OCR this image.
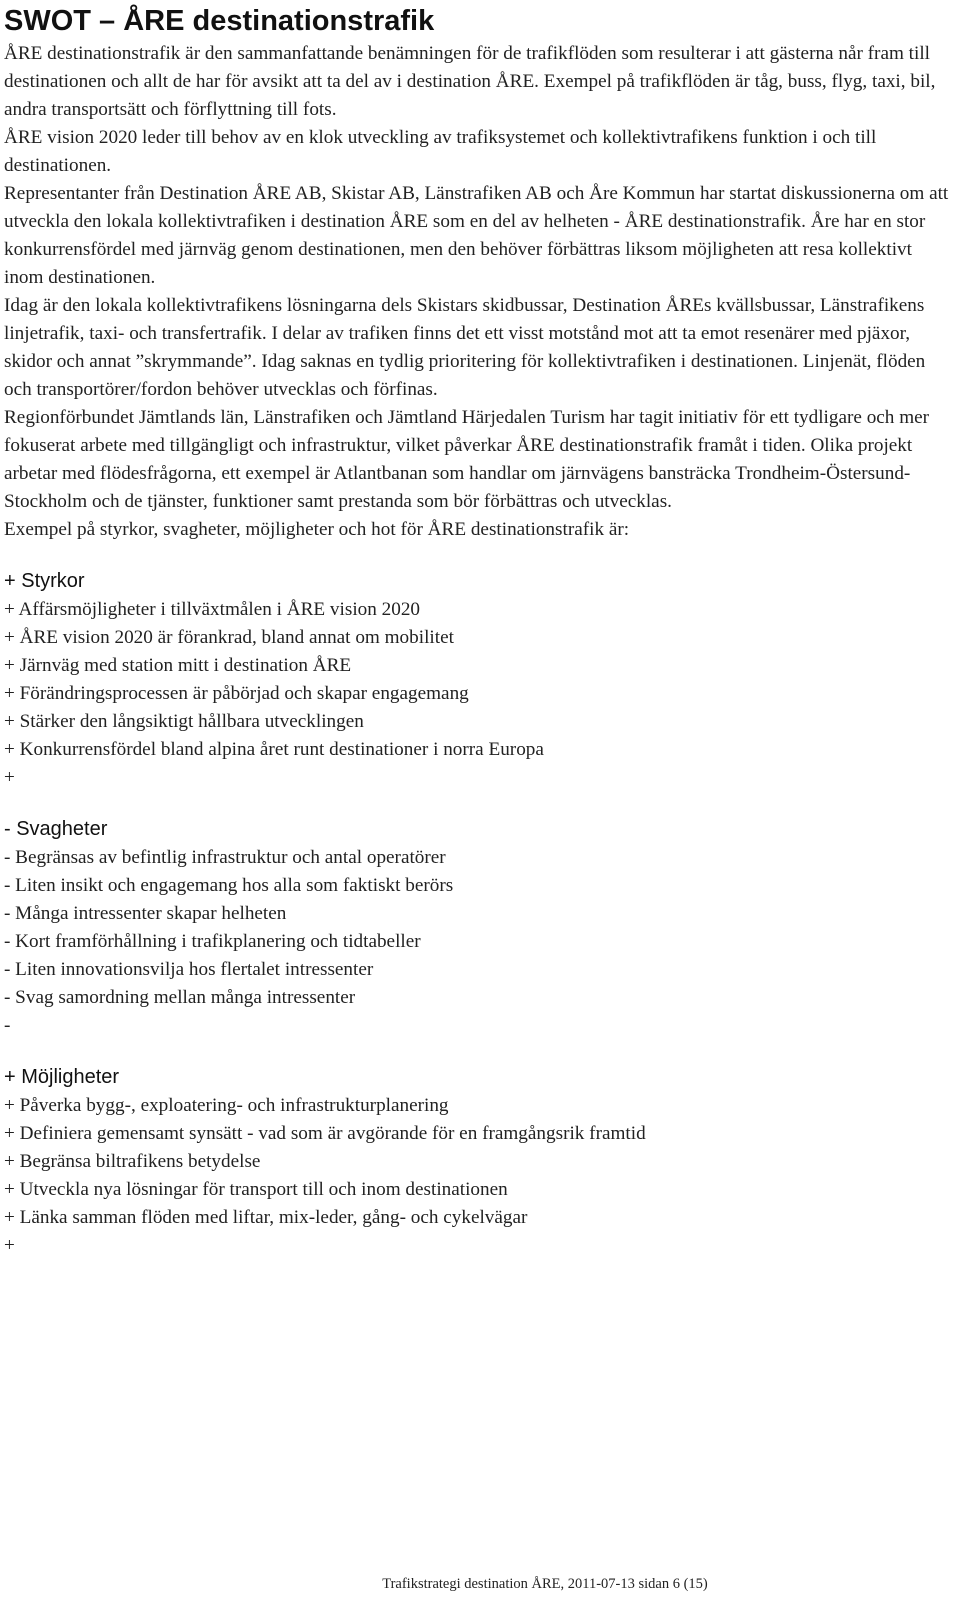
SWOT – ÅRE destinationstrafik

ÅRE destinationstrafik är den sammanfattande benämningen för de trafikflöden som resulterar i att gästerna når fram till destinationen och allt de har för avsikt att ta del av i destination ÅRE. Exempel på trafikflöden är tåg, buss, flyg, taxi, bil, andra transportsätt och förflyttning till fots.

ÅRE vision 2020 leder till behov av en klok utveckling av trafiksystemet och kollektivtrafikens funktion i och till destinationen.

Representanter från Destination ÅRE AB, Skistar AB, Länstrafiken AB och Åre Kommun har startat diskussionerna om att utveckla den lokala kollektivtrafiken i destination ÅRE som en del av helheten - ÅRE destinationstrafik. Åre har en stor konkurrensfördel med järnväg genom destinationen, men den behöver förbättras liksom möjligheten att resa kollektivt inom destinationen.

Idag är den lokala kollektivtrafikens lösningarna dels Skistars skidbussar, Destination ÅREs kvällsbussar, Länstrafikens linjetrafik, taxi- och transfertrafik. I delar av trafiken finns det ett visst motstånd mot att ta emot resenärer med pjäxor, skidor och annat ”skrymmande”. Idag saknas en tydlig prioritering för kollektivtrafiken i destinationen. Linjenät, flöden och transportörer/fordon behöver utvecklas och förfinas.

Regionförbundet Jämtlands län, Länstrafiken och Jämtland Härjedalen Turism har tagit initiativ för ett tydligare och mer fokuserat arbete med tillgängligt och infrastruktur, vilket påverkar ÅRE destinationstrafik framåt i tiden. Olika projekt arbetar med flödesfrågorna, ett exempel är Atlantbanan som handlar om järnvägens bansträcka Trondheim-Östersund-Stockholm och de tjänster, funktioner samt prestanda som bör förbättras och utvecklas.

Exempel på styrkor, svagheter, möjligheter och hot för ÅRE destinationstrafik är:

+ Styrkor
+ Affärsmöjligheter i tillväxtmålen i ÅRE vision 2020
+ ÅRE vision 2020 är förankrad, bland annat om mobilitet
+ Järnväg med station mitt i destination ÅRE
+ Förändringsprocessen är påbörjad och skapar engagemang
+ Stärker den långsiktigt hållbara utvecklingen
+ Konkurrensfördel bland alpina året runt destinationer i norra Europa
+
- Svagheter
- Begränsas av befintlig infrastruktur och antal operatörer
- Liten insikt och engagemang hos alla som faktiskt berörs
- Många intressenter skapar helheten
- Kort framförhållning i trafikplanering och tidtabeller
- Liten innovationsvilja hos flertalet intressenter
- Svag samordning mellan många intressenter
-
+ Möjligheter
+ Påverka bygg-, exploatering- och infrastrukturplanering
+ Definiera gemensamt synsätt - vad som är avgörande för en framgångsrik framtid
+ Begränsa biltrafikens betydelse
+ Utveckla nya lösningar för transport till och inom destinationen
+ Länka samman flöden med liftar, mix-leder, gång- och cykelvägar
+
Trafikstrategi destination ÅRE, 2011-07-13 sidan 6 (15)
